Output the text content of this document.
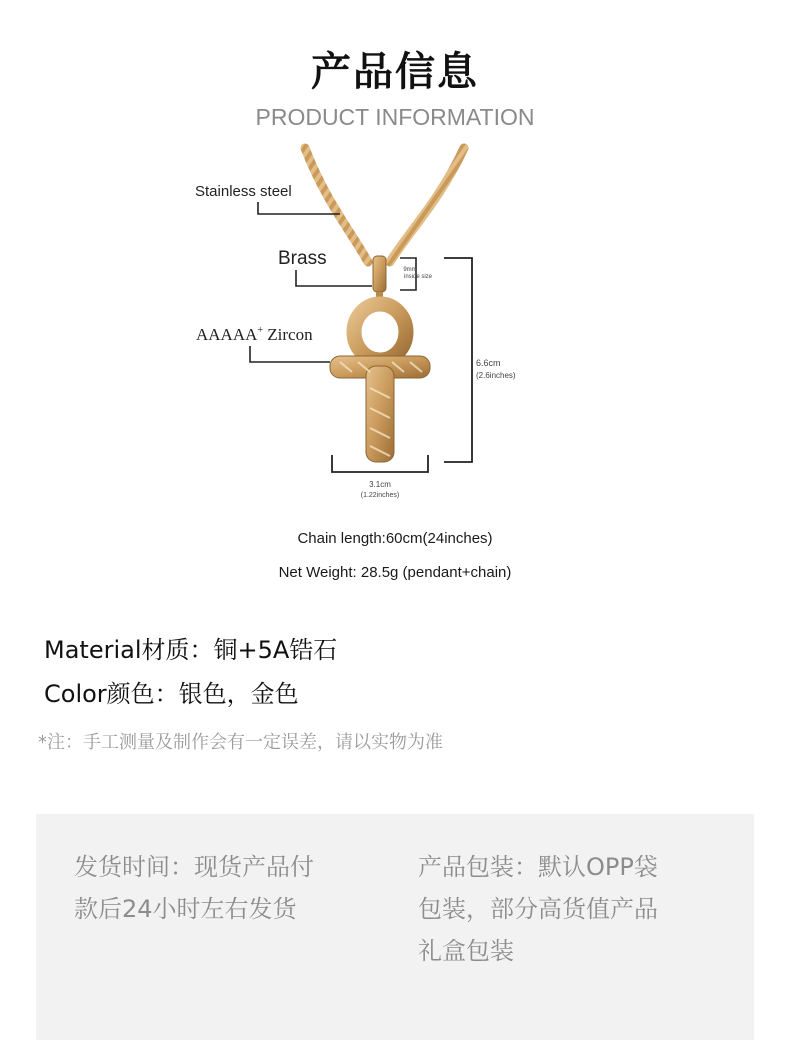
产品信息
PRODUCT INFORMATION
Stainless steel
Brass
AAAAA+ Zircon
9mm
inside size
6.6cm
(2.6inches)
3.1cm
(1.22inches)
Chain length:60cm(24inches)
Net Weight: 28.5g (pendant+chain)
Material材质：铜+5A锆石
Color颜色：银色，金色
*注：手工测量及制作会有一定误差，请以实物为准
发货时间：现货产品付款后24小时左右发货
产品包装：默认OPP袋包装，部分高货值产品礼盒包装
